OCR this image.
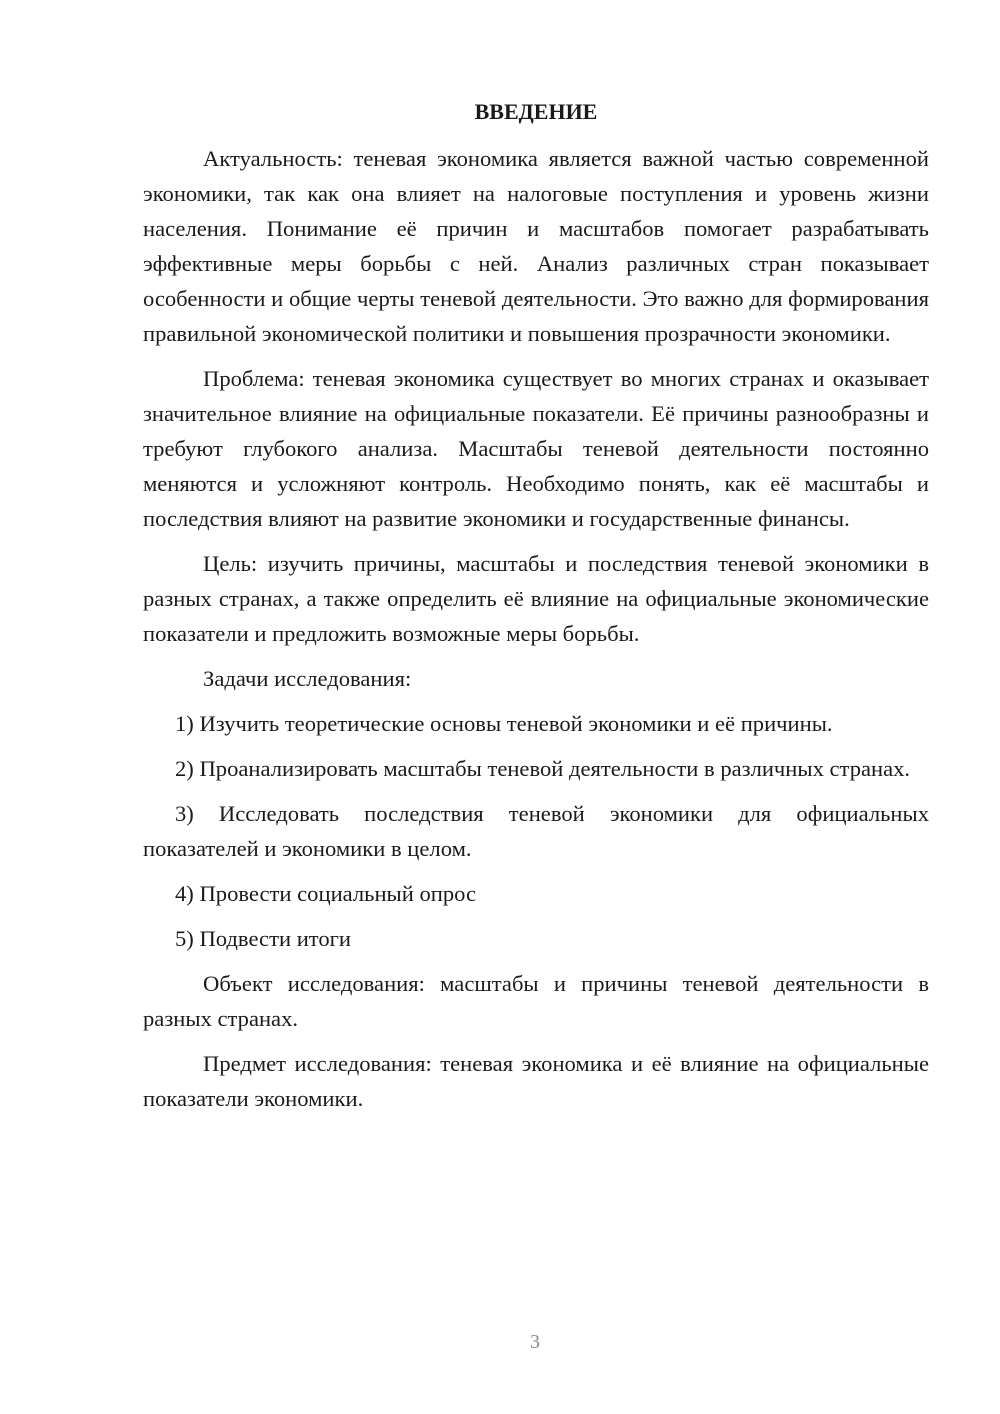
ВВЕДЕНИЕ

Актуальность: теневая экономика является важной частью современной экономики, так как она влияет на налоговые поступления и уровень жизни населения. Понимание её причин и масштабов помогает разрабатывать эффективные меры борьбы с ней. Анализ различных стран показывает особенности и общие черты теневой деятельности. Это важно для формирования правильной экономической политики и повышения прозрачности экономики.

Проблема: теневая экономика существует во многих странах и оказывает значительное влияние на официальные показатели. Её причины разнообразны и требуют глубокого анализа. Масштабы теневой деятельности постоянно меняются и усложняют контроль. Необходимо понять, как её масштабы и последствия влияют на развитие экономики и государственные финансы.

Цель: изучить причины, масштабы и последствия теневой экономики в разных странах, а также определить её влияние на официальные экономические показатели и предложить возможные меры борьбы.

Задачи исследования:

1) Изучить теоретические основы теневой экономики и её причины.

2) Проанализировать масштабы теневой деятельности в различных странах.

3) Исследовать последствия теневой экономики для официальных показателей и экономики в целом.

4) Провести социальный опрос

5) Подвести итоги

Объект исследования: масштабы и причины теневой деятельности в разных странах.

Предмет исследования: теневая экономика и её влияние на официальные показатели экономики.

3
